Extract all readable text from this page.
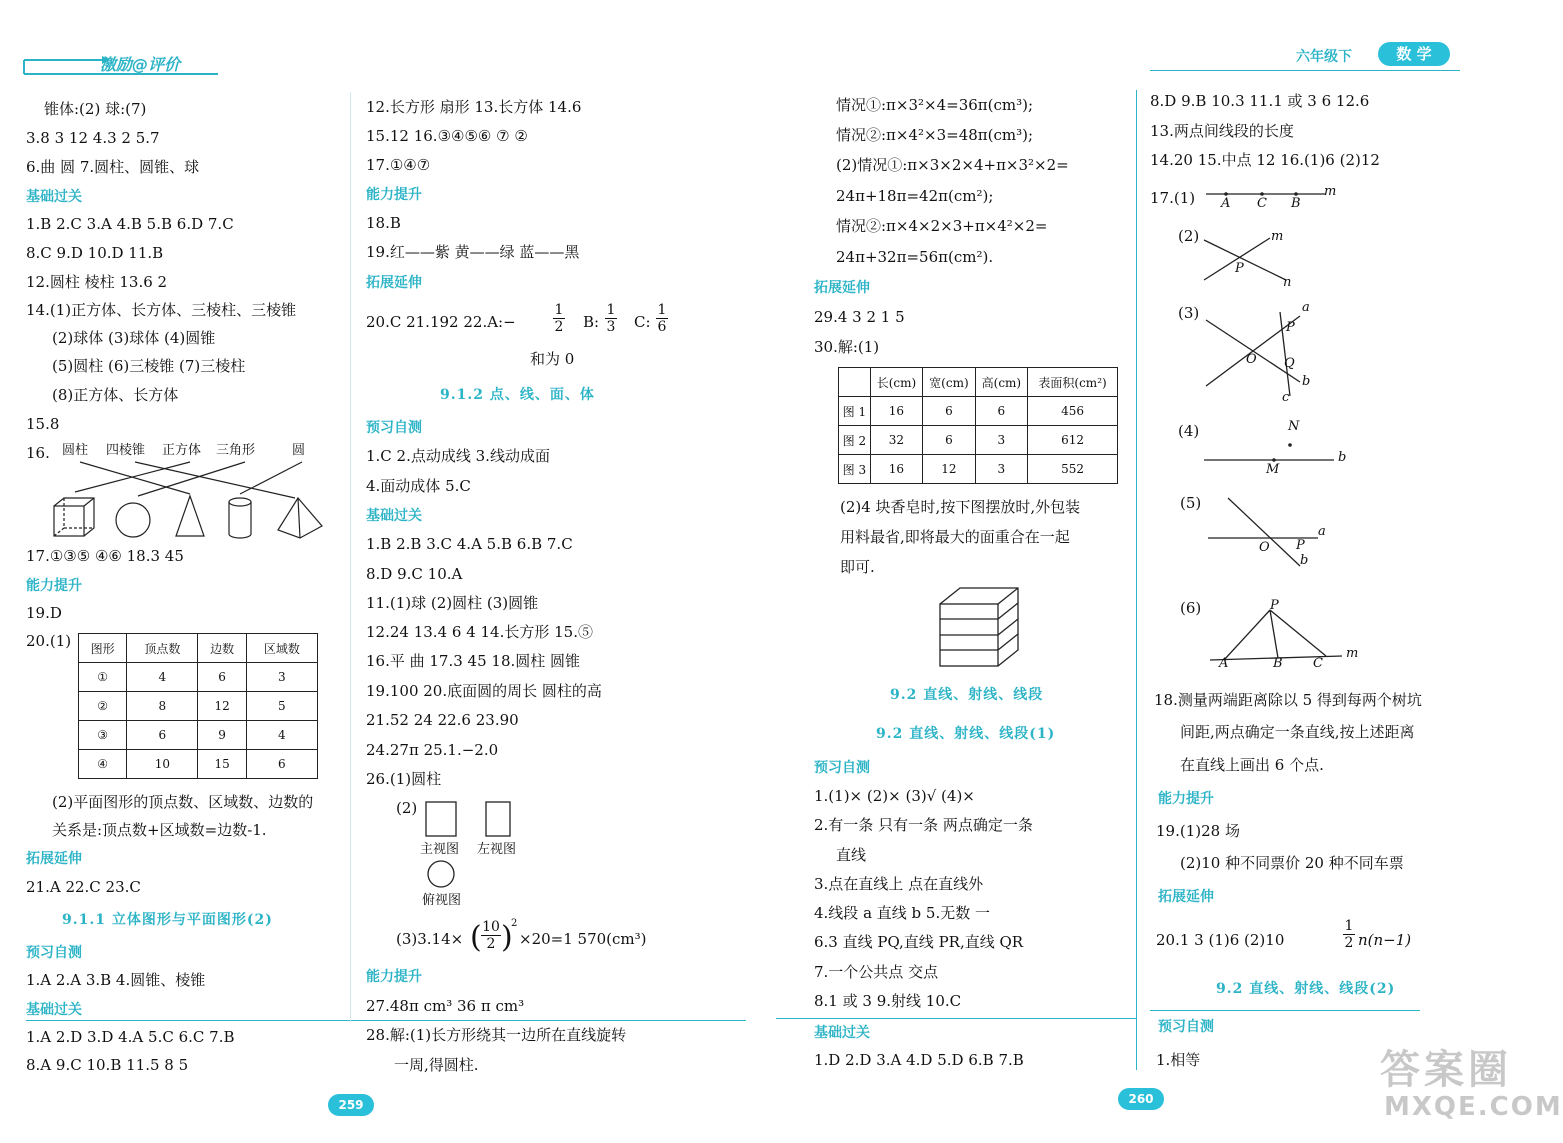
激励@评价	六年级下	数 学
锥体:(2) 球:(7)
3.8 3 12 4.3 2 5.7
6.曲 圆 7.圆柱、圆锥、球
基础过关
1.B 2.C 3.A 4.B 5.B 6.D 7.C
8.C 9.D 10.D 11.B
12.圆柱 棱柱 13.6 2
14.(1)正方体、长方体、三棱柱、三棱锥
(2)球体 (3)球体 (4)圆锥
(5)圆柱 (6)三棱锥 (7)三棱柱
(8)正方体、长方体
15.8
16. 圆柱 四棱锥 正方体 三角形	圆
17.①③⑤ ④⑥ 18.3 45
能力提升
19.D
20.(1) 图形	顶点数	边数	区域数
①	4	6	3
②	8	12	5
③	6	9	4
④	10	15	6
(2)平面图形的顶点数、区域数、边数的
关系是:顶点数+区域数=边数-1.
拓展延伸
21.A 22.C 23.C
9.1.1 立体图形与平面图形(2)
预习自测
1.A 2.A 3.B 4.圆锥、棱锥
基础过关
1.A 2.D 3.D 4.A 5.C 6.C 7.B
8.A 9.C 10.B 11.5 8 5
12.长方形 扇形 13.长方体 14.6
15.12 16.③④⑤⑥ ⑦ ②
17.①④⑦
能力提升
18.B
19.红——紫 黄——绿 蓝——黑
拓展延伸
20.C 21.192 22.A:−	$\frac{1}{2} B$: $\frac{1}{3} C$: $\frac{1}{6}$
和为 0
9.1.2 点、线、面、体
预习自测
1.C 2.点动成线 3.线动成面
4.面动成体 5.C
基础过关
1.B 2.B 3.C 4.A 5.B 6.B 7.C
8.D 9.C 10.A
11.(1)球 (2)圆柱 (3)圆锥
12.24 13.4 6 4 14.长方形 15.⑤
16.平 曲 17.3 45 18.圆柱 圆锥
19.100 20.底面圆的周长 圆柱的高
21.52 24 22.6 23.90
24.27π 25.1.−2.0
26.(1)圆柱
(2)
主视图 左视图
俯视图
(3)3.14× ( $\frac{10}{2}$ )
2
×20=1 570(cm³)
能力提升
27.48π cm³ 36 π cm³
28.解:(1)长方形绕其一边所在直线旋转
一周,得圆柱.
情况①:π×3²×4=36π(cm³);
情况②:π×4²×3=48π(cm³);
(2)情况①:π×3×2×4+π×3²×2=
24π+18π=42π(cm²);
情况②:π×4×2×3+π×4²×2=
24π+32π=56π(cm²).
拓展延伸
29.4 3 2 1 5
30.解:(1)
	长(cm)	宽(cm)	高(cm)	表面积(cm²)
图 1	16	6	6	456
图 2	32	6	3	612
图 3	16	12	3	552
(2)4 块香皂时,按下图摆放时,外包装
用料最省,即将最大的面重合在一起
即可.
9.2 直线、射线、线段
9.2 直线、射线、线段(1)
预习自测
1.(1)× (2)× (3)√ (4)×
2.有一条 只有一条 两点确定一条
直线
3.点在直线上 点在直线外
4.线段 a 直线 b 5.无数 一
6.3 直线 PQ,直线 PR,直线 QR
7.一个公共点 交点
8.1 或 3 9.射线 10.C
基础过关
1.D 2.D 3.A 4.D 5.D 6.B 7.B
8.D 9.B 10.3 11.1 或 3 6 12.6
13.两点间线段的长度
14.20 15.中点 12 16.(1)6 (2)12
17.(1) A C B
m
(2)	m
n
P
(3)	a
P
O Q
b
c
(4)	N
M
b
(5)
a
O P
b
(6)	P
A	B C
m
18.测量两端距离除以 5 得到每两个树坑
间距,两点确定一条直线,按上述距离
在直线上画出 6 个点.
能力提升
19.(1)28 场
(2)10 种不同票价 20 种不同车票
拓展延伸
20.1 3 (1)6 (2)10	$\frac{1}{2} n(n-1)$
9.2 直线、射线、线段(2)
预习自测
1.相等
259	260
答案圈
MXQE.COM
